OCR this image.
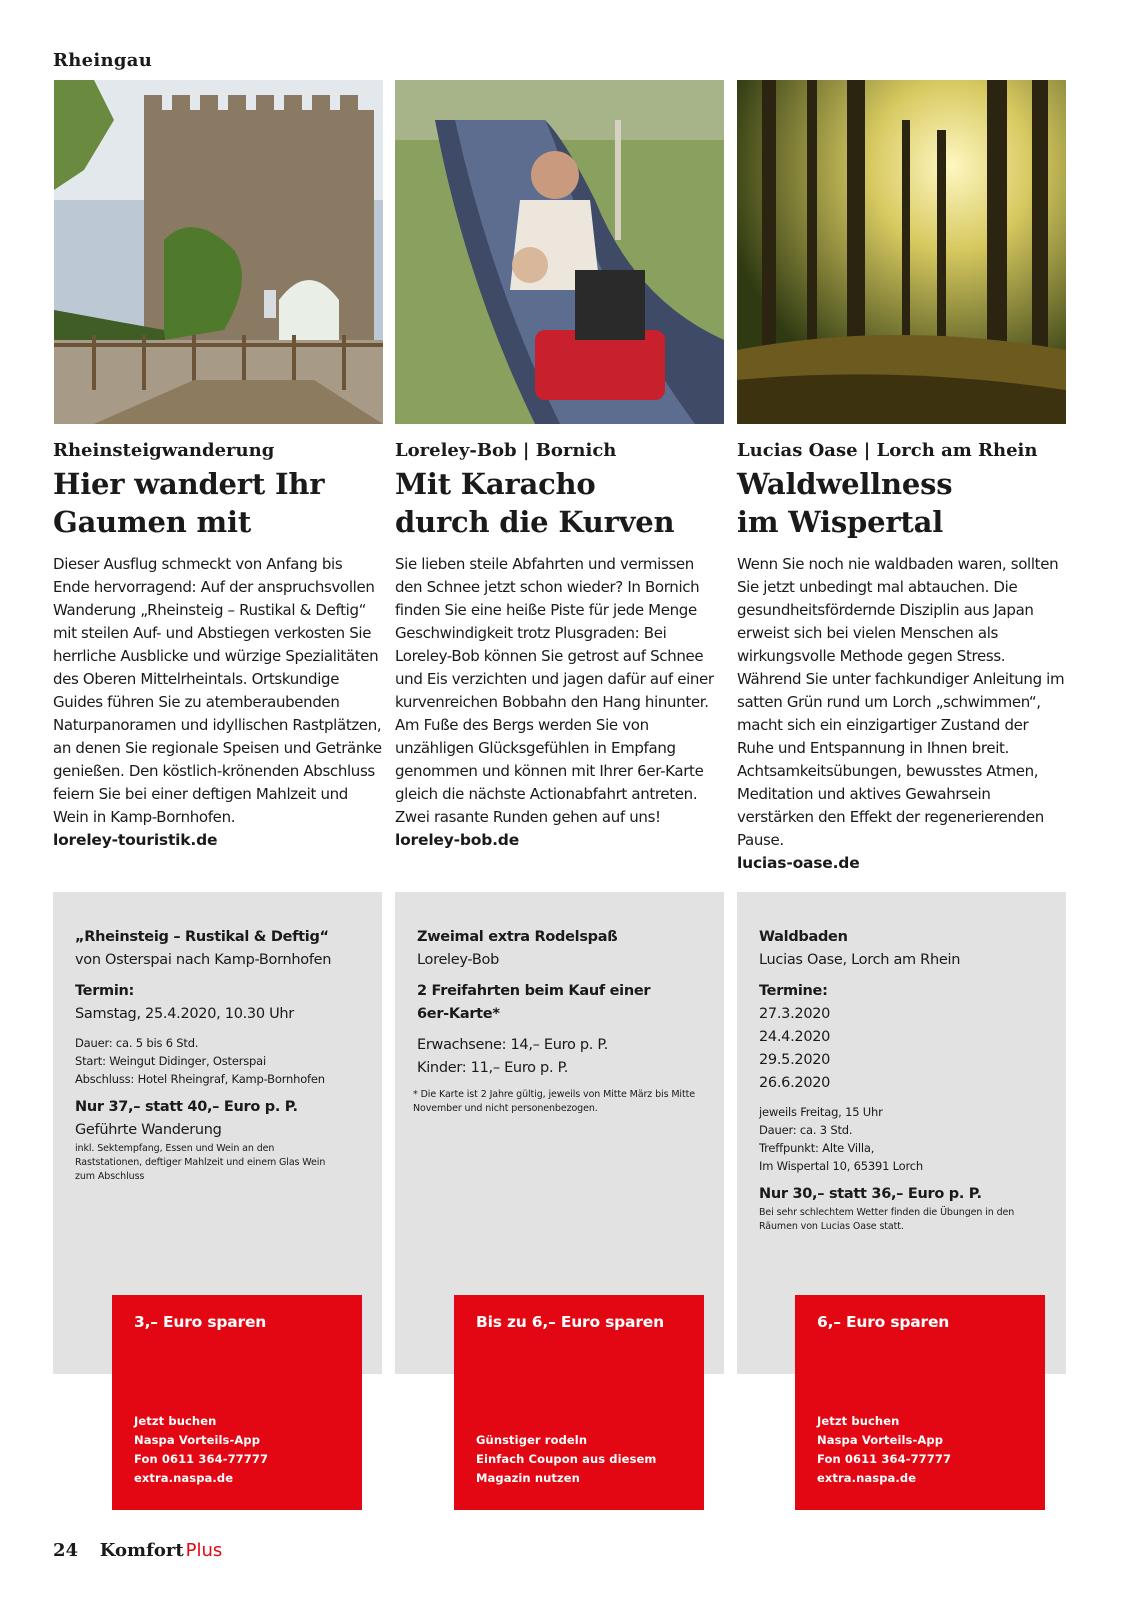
Rheingau
Rheinsteigwanderung
Hier wandert Ihr
Gaumen mit

Dieser Ausflug schmeckt von Anfang bis Ende hervorragend: Auf der anspruchsvollen Wanderung „Rheinsteig – Rustikal & Deftig“ mit steilen Auf- und Abstiegen verkosten Sie herrliche Ausblicke und würzige Spezialitäten des Oberen Mittelrheintals. Ortskundige Guides führen Sie zu atemberaubenden Naturpanoramen und idyllischen Rastplätzen, an denen Sie regionale Speisen und Getränke genießen. Den köstlich-krönenden Abschluss feiern Sie bei einer deftigen Mahlzeit und Wein in Kamp-Bornhofen.

loreley-touristik.de

Loreley-Bob | Bornich
Mit Karacho
durch die Kurven

Sie lieben steile Abfahrten und vermissen den Schnee jetzt schon wieder? In Bornich finden Sie eine heiße Piste für jede Menge Geschwindigkeit trotz Plusgraden: Bei Loreley-Bob können Sie getrost auf Schnee und Eis verzichten und jagen dafür auf einer kurvenreichen Bobbahn den Hang hinunter. Am Fuße des Bergs werden Sie von unzähligen Glücksgefühlen in Empfang genommen und können mit Ihrer 6er-Karte gleich die nächste Actionabfahrt antreten. Zwei rasante Runden gehen auf uns!

loreley-bob.de

Lucias Oase | Lorch am Rhein
Waldwellness
im Wispertal

Wenn Sie noch nie waldbaden waren, sollten Sie jetzt unbedingt mal abtauchen. Die gesundheitsfördernde Disziplin aus Japan erweist sich bei vielen Menschen als wirkungsvolle Methode gegen Stress. Während Sie unter fachkundiger Anleitung im satten Grün rund um Lorch „schwimmen“, macht sich ein einzigartiger Zustand der Ruhe und Entspannung in Ihnen breit. Achtsamkeitsübungen, bewusstes Atmen, Meditation und aktives Gewahrsein verstärken den Effekt der regenerierenden Pause.

lucias-oase.de

„Rheinsteig – Rustikal & Deftig“
von Osterspai nach Kamp-Bornhofen
Termin:
Samstag, 25.4.2020, 10.30 Uhr
Dauer: ca. 5 bis 6 Std.
Start: Weingut Didinger, Osterspai
Abschluss: Hotel Rheingraf, Kamp-Bornhofen
Nur 37,– statt 40,– Euro p. P.
Geführte Wanderung
inkl. Sektempfang, Essen und Wein an den Raststationen, deftiger Mahlzeit und einem Glas Wein zum Abschluss
3,– Euro sparen
Jetzt buchen
Naspa Vorteils-App
Fon 0611 364-77777
extra.naspa.de
Zweimal extra Rodelspaß
Loreley-Bob
2 Freifahrten beim Kauf einer 6er-Karte*
Erwachsene: 14,– Euro p. P.
Kinder: 11,– Euro p. P.
* Die Karte ist 2 Jahre gültig, jeweils von Mitte März bis Mitte November und nicht personenbezogen.
Bis zu 6,– Euro sparen
Günstiger rodeln
Einfach Coupon aus diesem
Magazin nutzen
Waldbaden
Lucias Oase, Lorch am Rhein
Termine:
27.3.2020
24.4.2020
29.5.2020
26.6.2020
jeweils Freitag, 15 Uhr
Dauer: ca. 3 Std.
Treffpunkt: Alte Villa,
Im Wispertal 10, 65391 Lorch
Nur 30,– statt 36,– Euro p. P.
Bei sehr schlechtem Wetter finden die Übungen in den Räumen von Lucias Oase statt.
6,– Euro sparen
Jetzt buchen
Naspa Vorteils-App
Fon 0611 364-77777
extra.naspa.de
24 Komfort Plus
